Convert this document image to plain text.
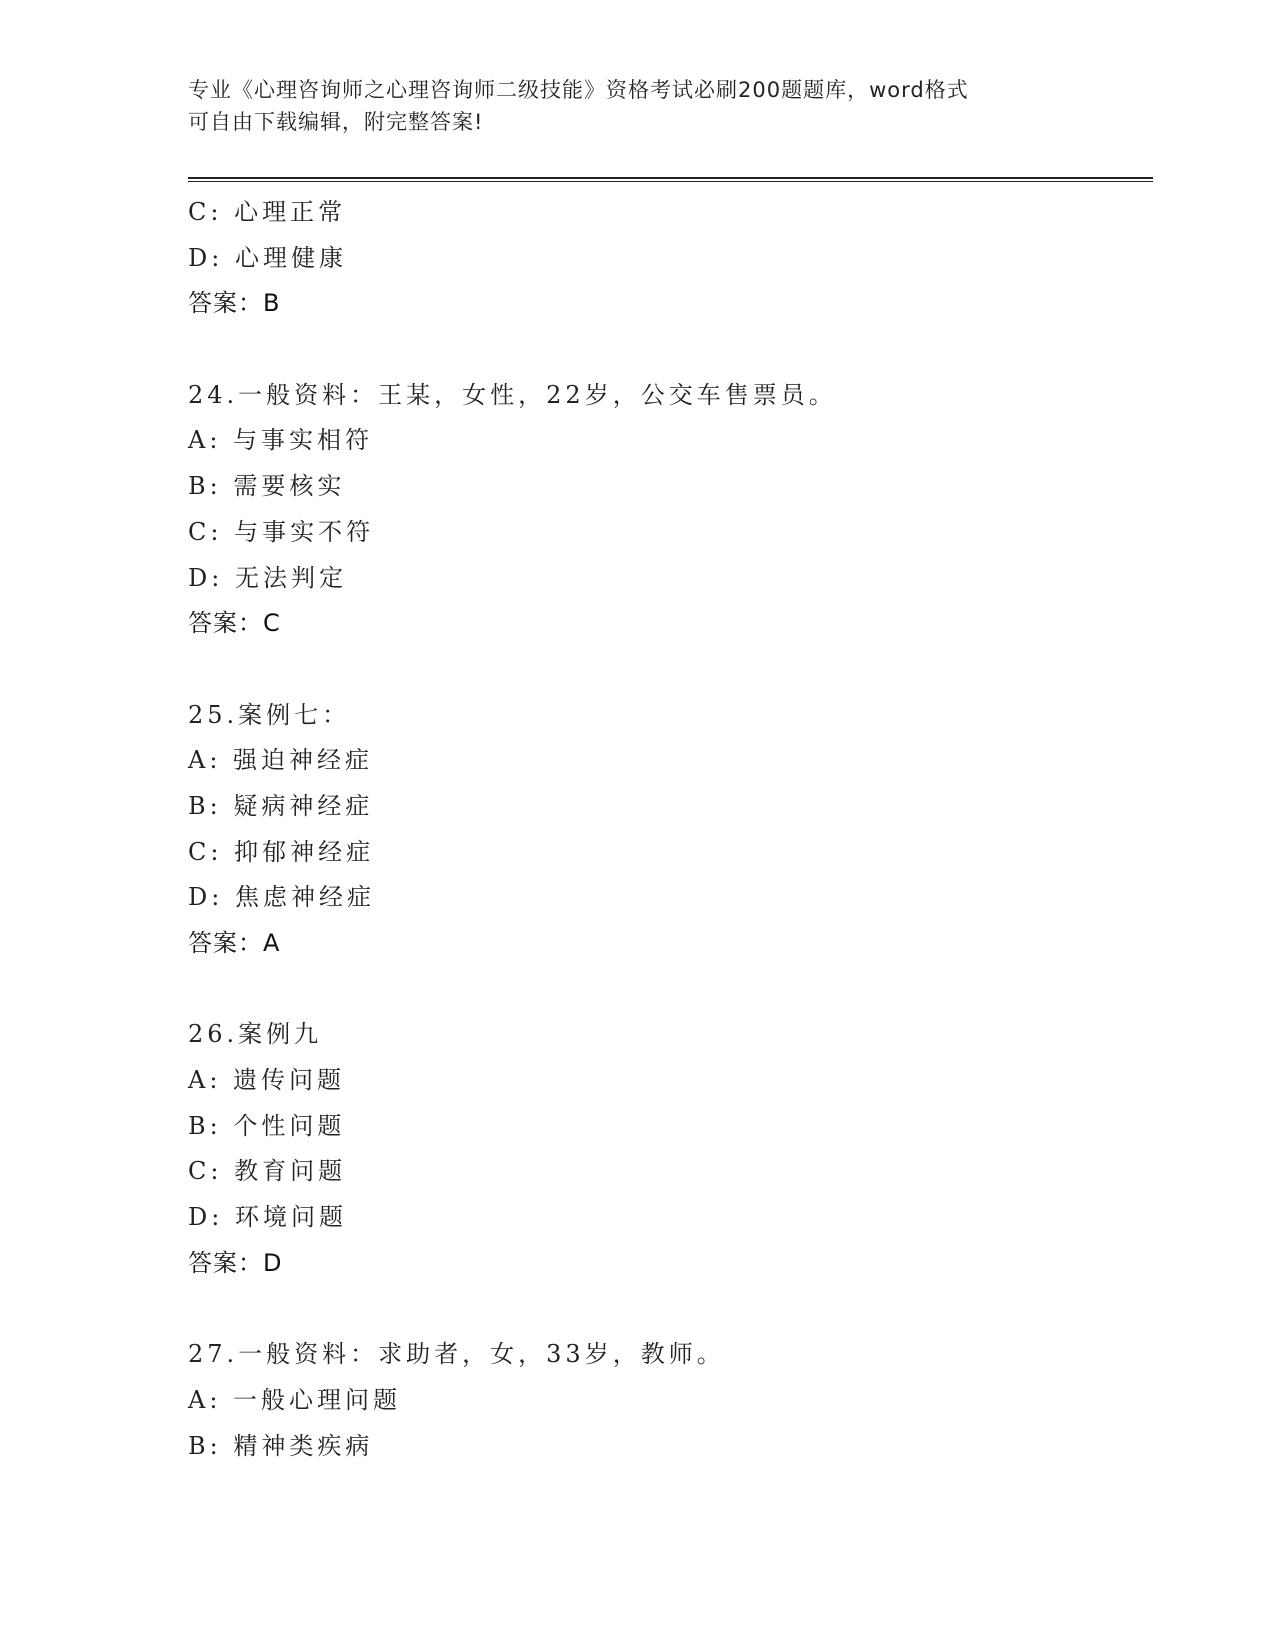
专业《心理咨询师之心理咨询师二级技能》资格考试必刷200题题库，word格式
可自由下载编辑，附完整答案!
C: 心理正常
D: 心理健康
答案：B
24.一般资料：王某，女性，22岁，公交车售票员。
A: 与事实相符
B: 需要核实
C: 与事实不符
D: 无法判定
答案：C
25.案例七：
A: 强迫神经症
B: 疑病神经症
C: 抑郁神经症
D: 焦虑神经症
答案：A
26.案例九
A: 遗传问题
B: 个性问题
C: 教育问题
D: 环境问题
答案：D
27.一般资料：求助者，女，33岁，教师。
A: 一般心理问题
B: 精神类疾病
